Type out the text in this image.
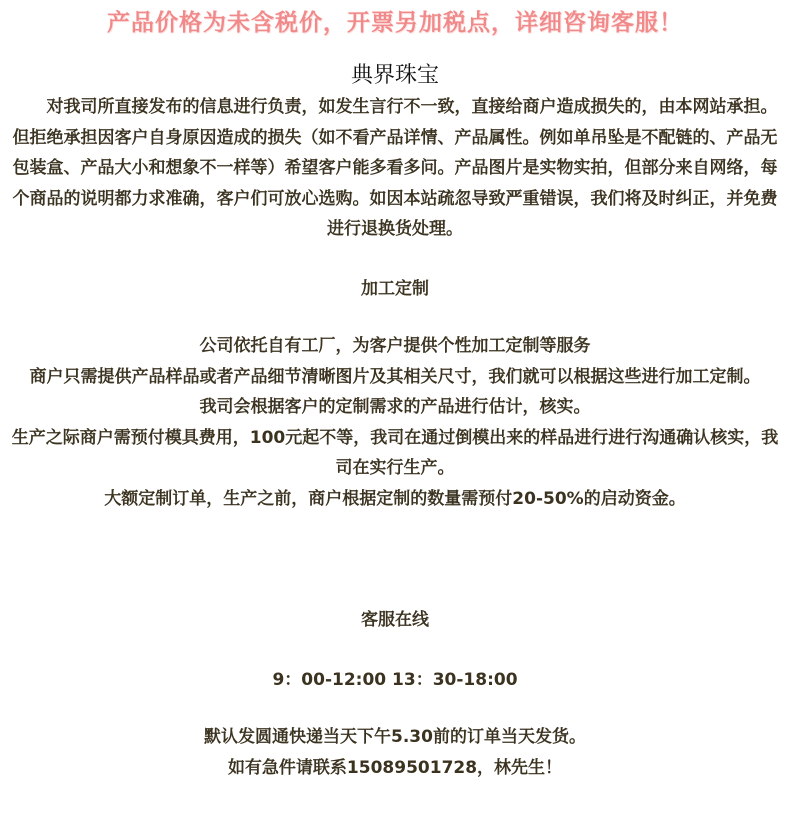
产品价格为未含税价，开票另加税点，详细咨询客服！
典界珠宝
对我司所直接发布的信息进行负责，如发生言行不一致，直接给商户造成损失的，由本网站承担。但拒绝承担因客户自身原因造成的损失（如不看产品详情、产品属性。例如单吊坠是不配链的、产品无包装盒、产品大小和想象不一样等）希望客户能多看多问。产品图片是实物实拍，但部分来自网络，每个商品的说明都力求准确，客户们可放心选购。如因本站疏忽导致严重错误，我们将及时纠正，并免费进行退换货处理。
加工定制
公司依托自有工厂，为客户提供个性加工定制等服务
商户只需提供产品样品或者产品细节清晰图片及其相关尺寸，我们就可以根据这些进行加工定制。
我司会根据客户的定制需求的产品进行估计，核实。
生产之际商户需预付模具费用，100元起不等，我司在通过倒模出来的样品进行进行沟通确认核实，我司在实行生产。
大额定制订单，生产之前，商户根据定制的数量需预付20-50%的启动资金。
客服在线
9：00-12:00 13：30-18:00
默认发圆通快递当天下午5.30前的订单当天发货。
如有急件请联系15089501728，林先生！
